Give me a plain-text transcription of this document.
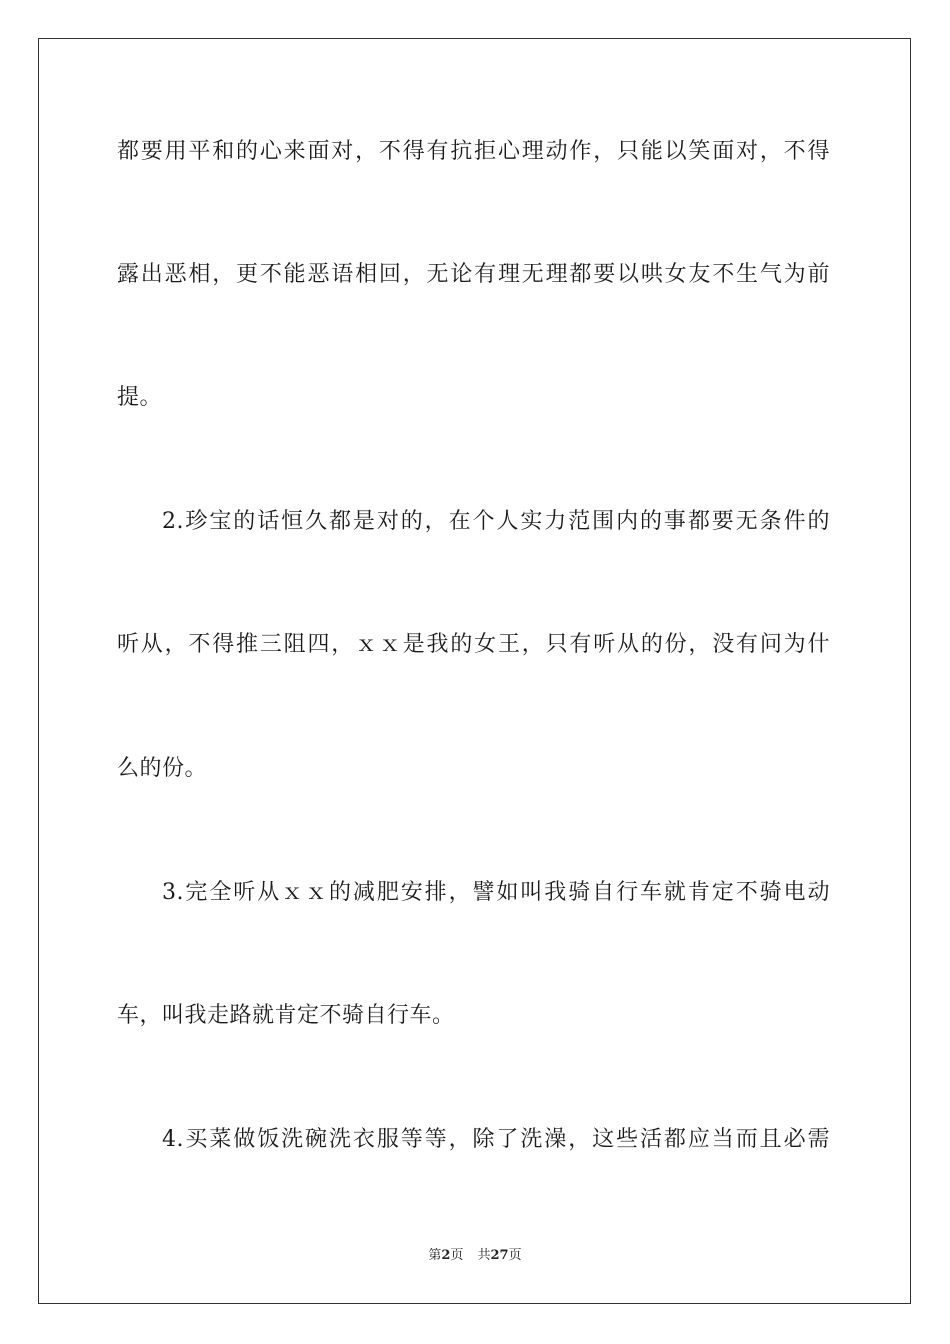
都要用平和的心来面对，不得有抗拒心理动作，只能以笑面对，不得
露出恶相，更不能恶语相回，无论有理无理都要以哄女友不生气为前
提。
2.珍宝的话恒久都是对的，在个人实力范围内的事都要无条件的
听从，不得推三阻四，ｘｘ是我的女王，只有听从的份，没有问为什
么的份。
3.完全听从ｘｘ的减肥安排，譬如叫我骑自行车就肯定不骑电动
车，叫我走路就肯定不骑自行车。
4.买菜做饭洗碗洗衣服等等，除了洗澡，这些活都应当而且必需
第2页 共27页
